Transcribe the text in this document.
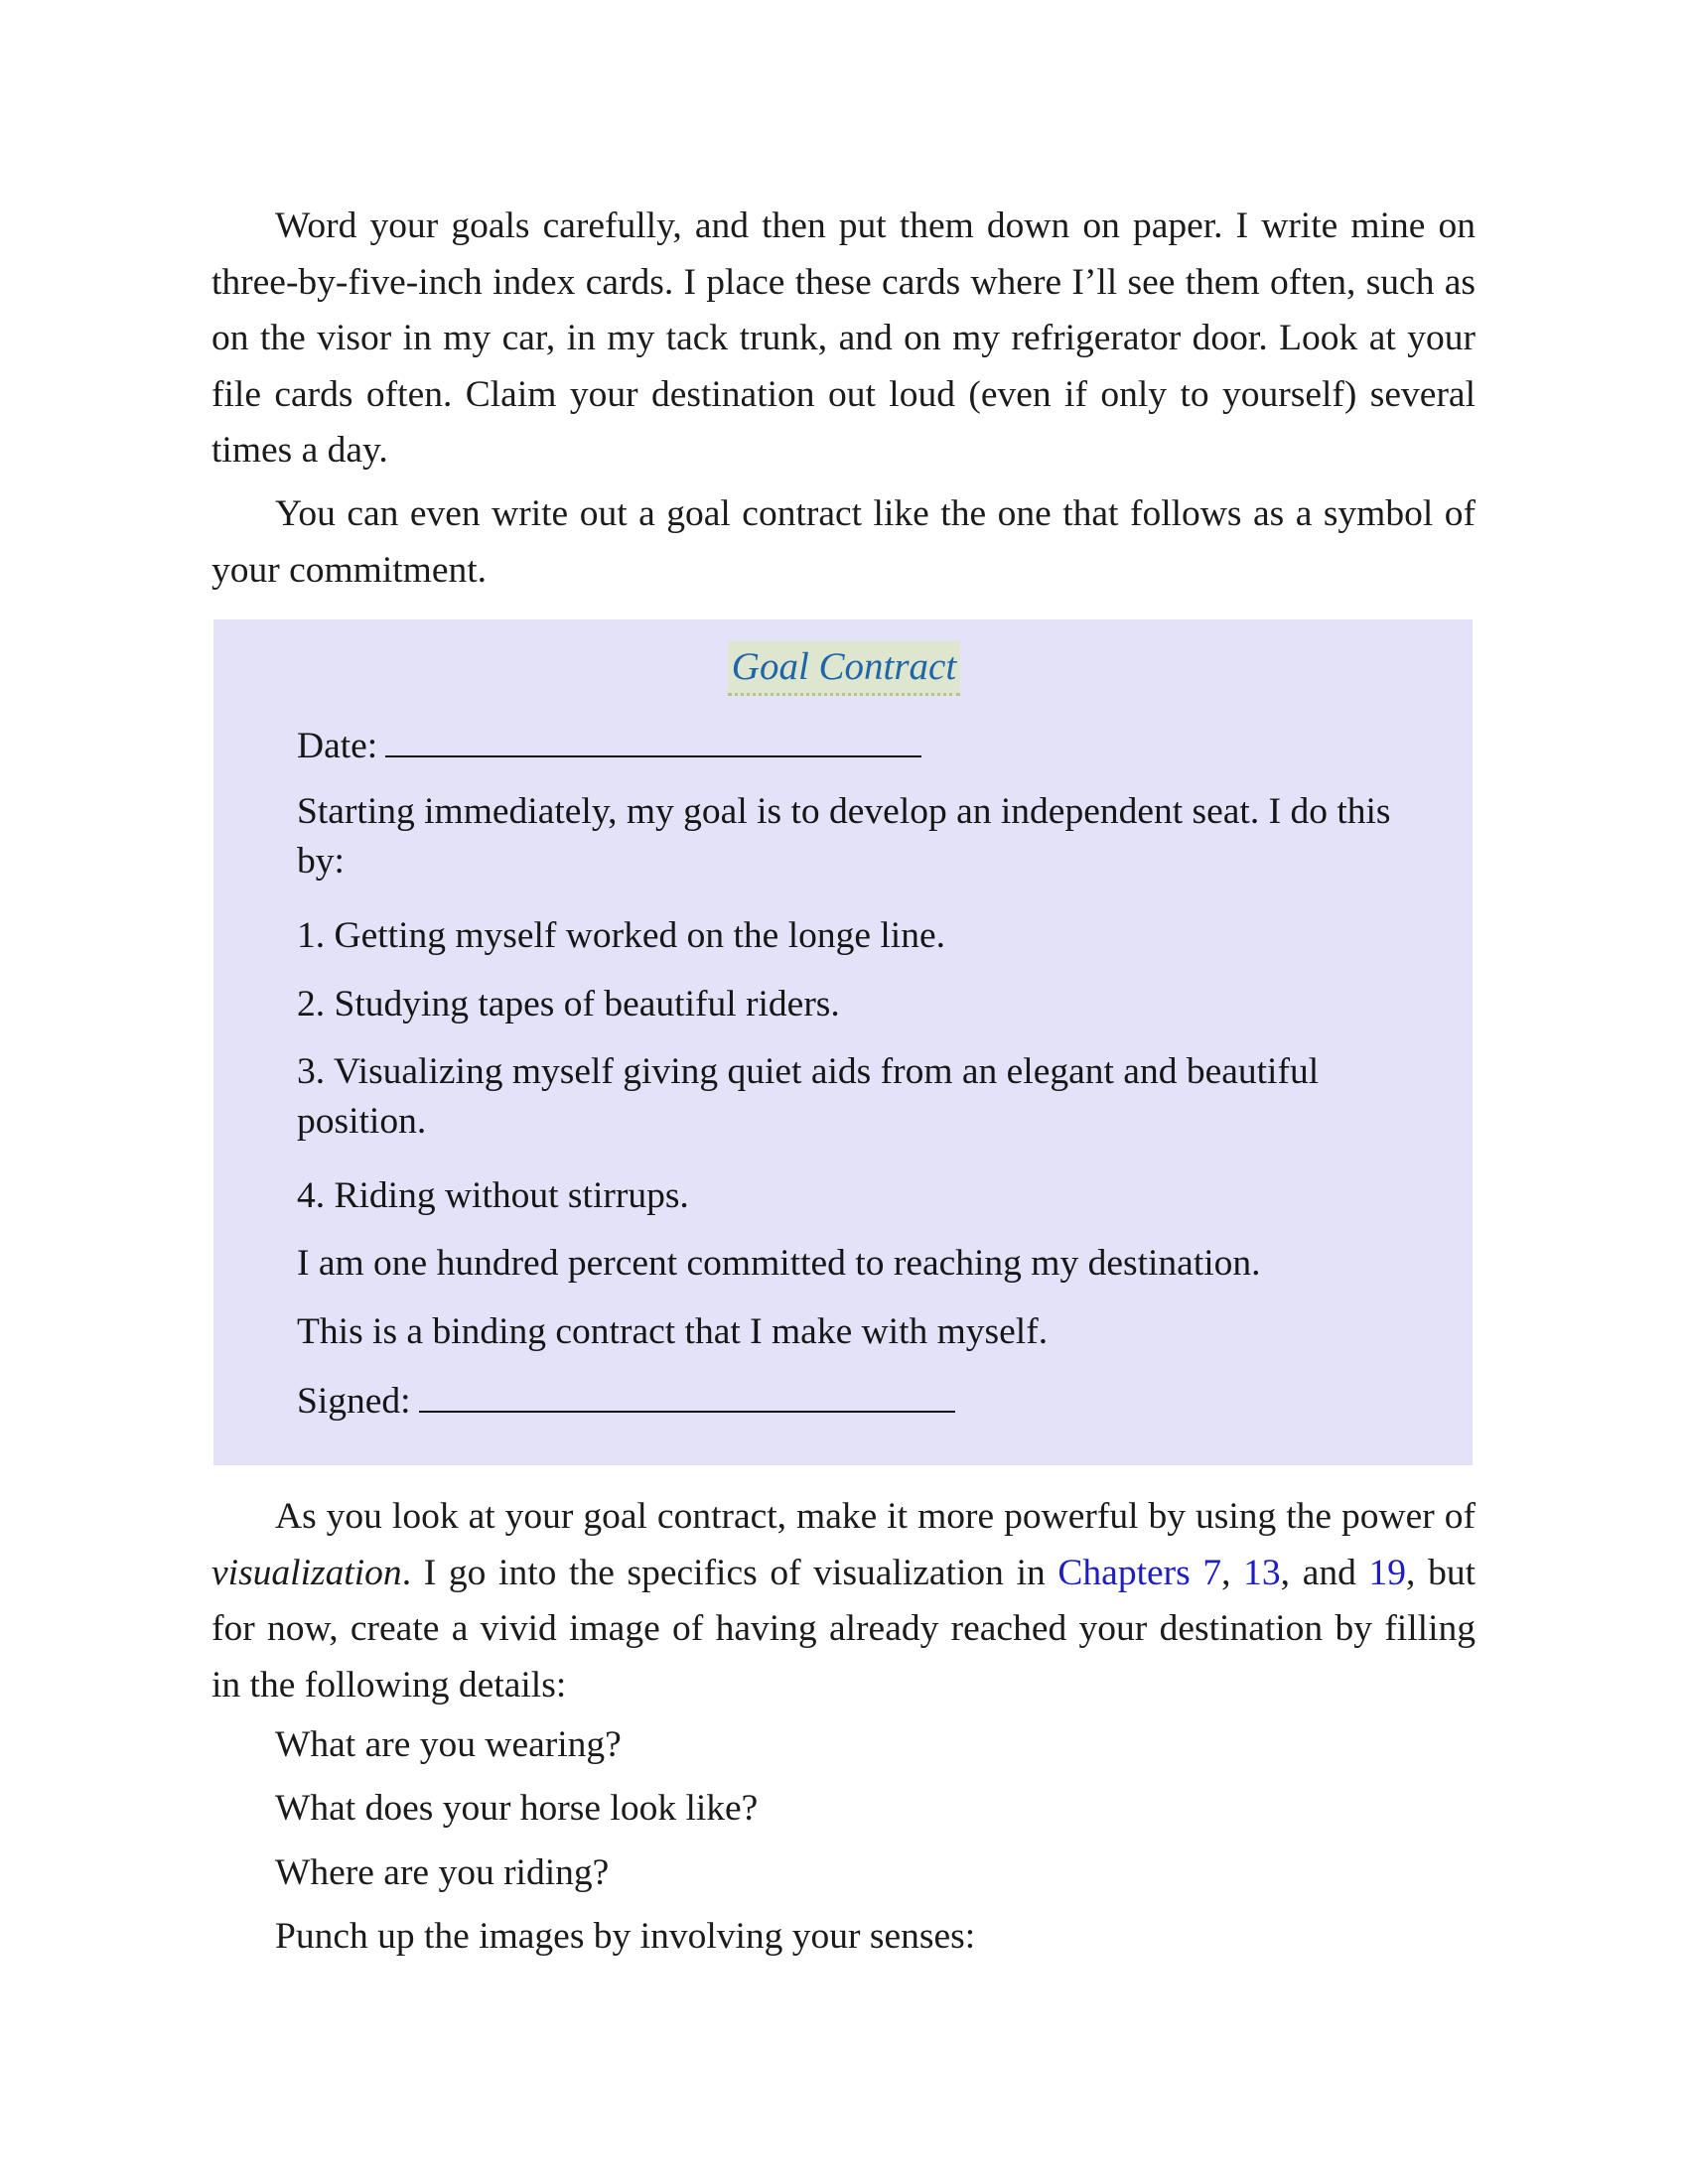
Word your goals carefully, and then put them down on paper. I write mine on three-by-five-inch index cards. I place these cards where I’ll see them often, such as on the visor in my car, in my tack trunk, and on my refrigerator door. Look at your file cards often. Claim your destination out loud (even if only to yourself) several times a day.

You can even write out a goal contract like the one that follows as a symbol of your commitment.

Goal Contract
Date:
Starting immediately, my goal is to develop an independent seat. I do this by:
1. Getting myself worked on the longe line.
2. Studying tapes of beautiful riders.
3. Visualizing myself giving quiet aids from an elegant and beautiful position.
4. Riding without stirrups.
I am one hundred percent committed to reaching my destination.
This is a binding contract that I make with myself.
Signed:

As you look at your goal contract, make it more powerful by using the power of visualization. I go into the specifics of visualization in Chapters 7, 13, and 19, but for now, create a vivid image of having already reached your destination by filling in the following details:

What are you wearing?
What does your horse look like?
Where are you riding?
Punch up the images by involving your senses:
